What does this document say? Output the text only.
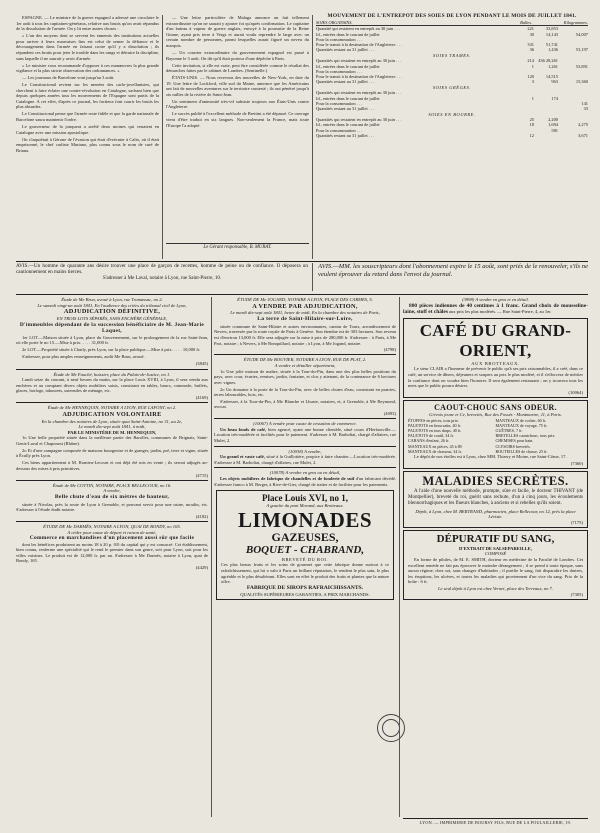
ESPAGNE. — Le ministre de la guerre espagnol a adressé une circulaire le 1er août à tous les capitaines-généraux, relative aux bruits qu'on avait répandus de la dissolution de l'armée. On y lit entre autres choses :

« L'un des moyens dont se servent les ennemis des institutions actuelles pour arriver à leurs mauvaises fins est celui de semer la défiance et le découragement dans l'armée en faisant croire qu'il y a dissolution ; ils répandent ces bruits pour jeter le trouble dans les rangs et détruire la discipline, sans laquelle il ne saurait y avoir d'armée.

» Le ministre vous recommande d'opposer à ces manœuvres la plus grande vigilance et la plus stricte observation des ordonnances. »

— Les journaux de Barcelone vont jusqu'au 3 août.

Le Constitucional revient sur les menées des carlo-jovellanistes, qui cherchent à faire éclater une contre-révolution en Catalogne, sachant bien que depuis quelques années tous les mouvements de l'Espagne sont partis de la Catalogne. A cet effet, d'après ce journal, les factieux font courir les bruits les plus absurdes.

Le Constitucional pense que l'armée reste fidèle et que la garde nationale de Barcelone saura maintenir l'ordre.

Le gouverneur de la jonquera a arrêté deux moines qui venaient en Catalogne avec une mission apostolique.

On s'inquiétait à Gérone de l'évasion qui était d'exécuter à Calix, où il était emprisonné, le chef carliste Mariano, plus connu sous le nom de curé de Briana.

— Une lettre particulière de Malaga annonce un fait tellement extraordinaire qu'on ne saurait y ajouter foi qu'après confirmation. Le capitaine d'un bateau à vapeur de guerre anglais, envoyé à la poursuite de la Reine Gitane, ayant pris terre à Vergs et aurait voulu reprendre le large avec un certain nombre de personnes, parmi lesquelles aurait figuré un neveu du marquis.

— Un courrier extraordinaire du gouvernement espagnol est passé à Bayonne le 3 août. On dit qu'il était porteur d'une dépêche à Paris.

Cette invitation, si elle est vraie, peut être considérée comme le résultat des démarches faites par le cabinet de Londres. (Sentinelle.)

ÉTATS-UNIS. — Nous recevons des nouvelles de New-York, en date du 19. Une lettre de Lockford, ville sud du Maine, annonce que les Américains ont fait de nouvelles aventures sur le territoire contesté ; ils ont pénétré jusqu'à six milles de la rivière de Saint-Jean.

Un sentiment d'animosité très-vif subsiste toujours aux États-Unis contre l'Angleterre.

Le succès publié à l'excellent méthode de Breitini a été dépassé. Ce ouvrage vient d'être traduit en six langues. Non-seulement la France, mais toute l'Europe l'a adopté.

Le Gérant responsable, B. MURAT.
MOUVEMENT DE L'ENTREPÔT DES SOIES DE LYON PENDANT LE MOIS DE JUILLET 1841.
SOIES ORGANSINS.	Balles.	Kilogrammes.
Quantité qui restaient en entrepôt au 30 juin . . .	221	33,853
Id., entrées dans le courant de juillet	30	14,143	54,007
Pour la consommation . . .
Pour le transit à la destination de l'Angleterre . . .	331	51,741
Quantités restant au 31 juillet . . .	36	1,436	53,197
SOIES TRAMES.
Quantités qui restaient en entrepôt au 30 juin . . .	214 436 28,261
Id., entrées dans le courant de juillet	1	1,261	53,891
Pour la consommation . . .
Pour le transit à la destination de l'Angleterre . . .	120	14,515
Quantités restant au 31 juillet . . .	3	963	15,360
SOIES GRÈGES.
Quantités qui restaient en entrepôt au 30 juin . . .
Id., entrées dans le courant de juillet	1	174
Pour la consommation . . .	141
Quantités restant au 31 juillet . . .	33
SOIES EN BOURRE.
Quantités qui restaient en entrepôt au 30 juin . . .	25	2,200
Id., entrées dans le courant de juillet	18	1,694	2,275
Pour la consommation . . .	581
Quantités restant au 31 juillet . . .	12	3,671
AVIS.—Un homme de quarante ans désire trouver une place de garçon de recettes, homme de peine ou de confiance. Il déposera un cautionnement en mains tierces.
S'adresser à Me Laval, notaire à Lyon, rue Saint-Pierre, 10.
AVIS.—MM. les souscripteurs dont l'abonnement expire le 15 août, sont priés de le renouveler, s'ils ne veulent éprouver du retard dans l'envoi du journal.
Étude de Me Brun, avoué à Lyon, rue Tramassac, no 2.
Le samedi vingt-un août 1841, En l'audience des criées du tribunal civil de Lyon,
ADJUDICATION DÉFINITIVE,
EN TROIS LOTS SÉPARÉS, SANS ENCHÈRE GÉNÉRALE,
D'immeubles dépendant de la succession bénéficiaire de M. Jean-Marie Laquet,

1er LOT.—Maison située à Lyon, place du Gouvernement, sur le prolongement de la rue Saint-Jean, où elle porte le no 15.—Mise à prix. . . . . 31,000 fr.

2e LOT.—Propriété située à Charly, près Lyon, sur la place publique.—Mise à prix. . . . . 10,000 fr.

S'adresser, pour plus amples renseignements, audit Me Brun, avoué.

(3845)
Étude de Me Fauché, huissier, place du Palais-de-Justice, no 1.

Lundi seize du courant, à neuf heures du matin, sur la place Louis XVIII, à Lyon, il sera vendu aux enchères et au comptant divers objets mobiliers saisis, consistant en tables, bancs, commode, buffets, glaces, horloge, tabourets, ustensiles de ménage, etc.

(4169)
Étude de Me HENNEQUIN, NOTAIRE A LYON, RUE LAFONT, no 2.
ADJUDICATION VOLONTAIRE
En la chambre des notaires de Lyon, située quai Saint-Antoine, no 31, au 2e,
Le mardi dix-sept août 1841, à midi,
PAR LE MINISTÈRE DE M. HENNEQUIN,

1o Une belle propriété située dans la meilleure partie des Barolles, communes de Brignais, Saint-Genis-Laval et Chaponost (Rhône).

2o Et d'une campagne composée de maisons bourgeoise et de granger, jardin, pré, terre et vigne, située à Écully près Lyon.

Ces biens appartiennent à M. Romieu-Lecourt et ont déjà été mis en vente ; ils seront adjugés au-dessous des mises à prix primitives.

(4715)
Étude de Me COTTIN, NOTAIRE, PLACE BELLECOUR, no 16.
A vendre,
Belle chute d'eau de six mètres de hauteur,

située à Nivolas, près la route de Lyon à Grenoble, et pouvant servir pour une usine, moulin, etc. S'adresser à l'étude dudit notaire.

(4182)
ÉTUDE DE Me DARMÈS, NOTAIRE A LYON, QUAI DE BONDY, no 165.
A céder pour cause de départ et raison de santé,
Commerce en marchandises d'un placement aussi sûr que facile

dont les bénéfices produisent au moins 18 à 20 p. 0/0 du capital qui y est consacré. Cet établissement, bien connu, renferme une spécialité qui le rend le premier dans son genre, soit pour Lyon, soit pour les villes voisines. Le produit est de 12,000 fr. par an. S'adresser à Me Darmès, notaire à Lyon, quai de Bondy, 165.

(4429)
ÉTUDE DE Me JOGAND, NOTAIRE A LYON, PLACE DES CARMES, 5.
A VENDRE PAR ADJUDICATION,
Le mardi dix-sept août 1841, heure de midi, En la chambre des notaires de Paris,
La terre de Saint-Hilaire-sur-Loire,

située commune de Saint-Hilaire et autres environnantes, canton de Tours, arrondissement de Nevers, traversée par la route royale de Paris à Genève. Son étendue est de 303 hectares. Son revenu est d'environ 13,000 fr. Elle sera adjugée sur la mise à prix de 280,000 fr. S'adresser : à Paris, à Me Prot, notaire ; à Nevers, à Me Bonquillard, notaire ; à Lyon, à Me Jogand, notaire.

(4798)
ÉTUDE DE Me BOUVIER, NOTAIRE A LYON, RUE DE PLAT, 2.
A vendre et détailler séparément,

1o Une jolie maison de maître, située à la Tour-du-Pin, dans une des plus belles positions du pays, avec cour, écuries, remises, jardin, fontaine, et clos y attenant, de la contenance de 6 hectares avec vignes.

2o Un domaine à la porte de la Tour-du-Pin, avec de belles chutes d'eau, consistant en prairies, terres labourables, bois, etc.

S'adresser, à la Tour-du-Pin, à Me Blanche et Lhuste, notaires, et, à Grenoble, à Me Reymond, avocat.

(4093)
(10067) A vendre pour cause de cessation de commerce.

Un beau fonds de café, bien agencé, ayant une bonne clientèle, situé cours d'Herbouville.—Location très-modérée et facilités pour le paiement. S'adresser à M. Barboliat, chargé d'affaires, rue Mulet, 2.

(10038) A vendre,

Un grand et vaste café, situé à la Guillotière, propice à faire chantier.—Location très-modérée. S'adresser à M. Barboliat, chargé d'affaires, rue Mulet, 2.

(10078) A vendre en gros ou en détail,

Les objets mobiliers de fabrique de chandelles et de fonderie de suif d'un fabricant décédé. S'adresser franco à M. Berger, à Rive-de-Gier, chargé de traiter et de faciliter pour les paiements.

Place Louis XVI, no 1,
A gauche du pont Morand, aux Brotteaux.
LIMONADES
GAZEUSES,
BOQUET - CHABRAND,
BREVETÉ DU ROI.
Ces plus beaux fruits et les soins de gourmet que cette fabrique donne surtout à ce rafraîchissement, qui lui a valu à Paris un brillant réputation, le rendent le plus sain, le plus agréable et le plus désaltérant. Elles sont en effet le produit des fruits et plantes que la nature offre.
FABRIQUE DE SIROPS RAFRAICHISSANTS.
QUALITÉS SUPÉRIEURES GARANTIES, A PRIX MARCHANDS.
(3998) A vendre en gros et en détail.

800 pièces indiennes de 40 centimes à 1 franc. Grand choix de mousseline-laine, stoff et châles aux prix les plus modérés. — Rue Saint-Pierre, 4, au 1er.

CAFÉ DU GRAND-ORIENT,
AUX BROTTEAUX.

Le sieur CLAIR a l'honneur de prévenir le public qu'à ses prix raisonnables, il a créé, dans ce café, un service de dîners, déjeuners et soupers au prix le plus modéré, et il s'efforcera de mériter la confiance dont on voudra bien l'honorer. Il sera également restaurant ; on y trouvera tous les mets que le public pourra désirer.

(10064)
CAOUT-CHOUC SANS ODEUR.
Grivois jeune et Ce, brevetés, Rue des Fossés - Montmartre, 11, à Paris.
ÉTOFFES en pièces, tous prix.
PALETOTS en beau satin, 40 fr.
PALETOTS en tous draps, 40 fr.
PALETOTS de coutil, 34 fr.
CABANS d'enfant, 26 fr.
MANTEAUX en pièces, 45 à 80
MANTEAUX de chasseur, 34 fr.
MANTEAUX de cocher, 60 fr.
MANTEAUX de voyage, 75 fr.
GUÊTRES, 7 fr.
BRETELLES caoutchouc, tous prix.
CHEMISES pour bain.
CLYSOIRS brevetés.
BOUTEILLES de chasse, 25 fr.

Le dépôt de nos étoffes est à Lyon, chez MM. Thierry et Moine, rue Saint-Côme, 17.

(7360)
MALADIES SECRÈTES.

A l'aide d'une nouvelle méthode, prompte, sûre et facile, le docteur THIVANT (de Montpellier), breveté du roi, guérit sans rechute, d'un à cinq jours, les écoulements blennorrhagiques et les flueurs blanches, à anciens et si rebelles qu'ils soient.

Dépôt, à Lyon, chez M. BERTRAND, pharmacien, place Bellecour, no 12, près la place Léviste.
(7175)
DÉPURATIF DU SANG,
D'EXTRAIT DE SALSEPAREILLE,
COMPOSÉ

En forme de pilules, de M. E. SMITH, docteur en médecine de la Faculté de Londres. Cet excellent remède ne fait pas éprouver le moindre dérangement ; il se prend à toute époque, sans aucun régime, chez soi, sans changer d'habitudes ; il purifie le sang, fait disparaître les dartres, les éruptions, les ulcères, et toutes les maladies qui proviennent d'un vice du sang. Prix de la boîte : 6 fr.

Le seul dépôt à Lyon est chez Vernet, place des Terreaux, no 7.
(7305)
LYON. — IMPRIMERIE DE BOURSY FILS, RUE DE LA POULAILLERIE, 19.
